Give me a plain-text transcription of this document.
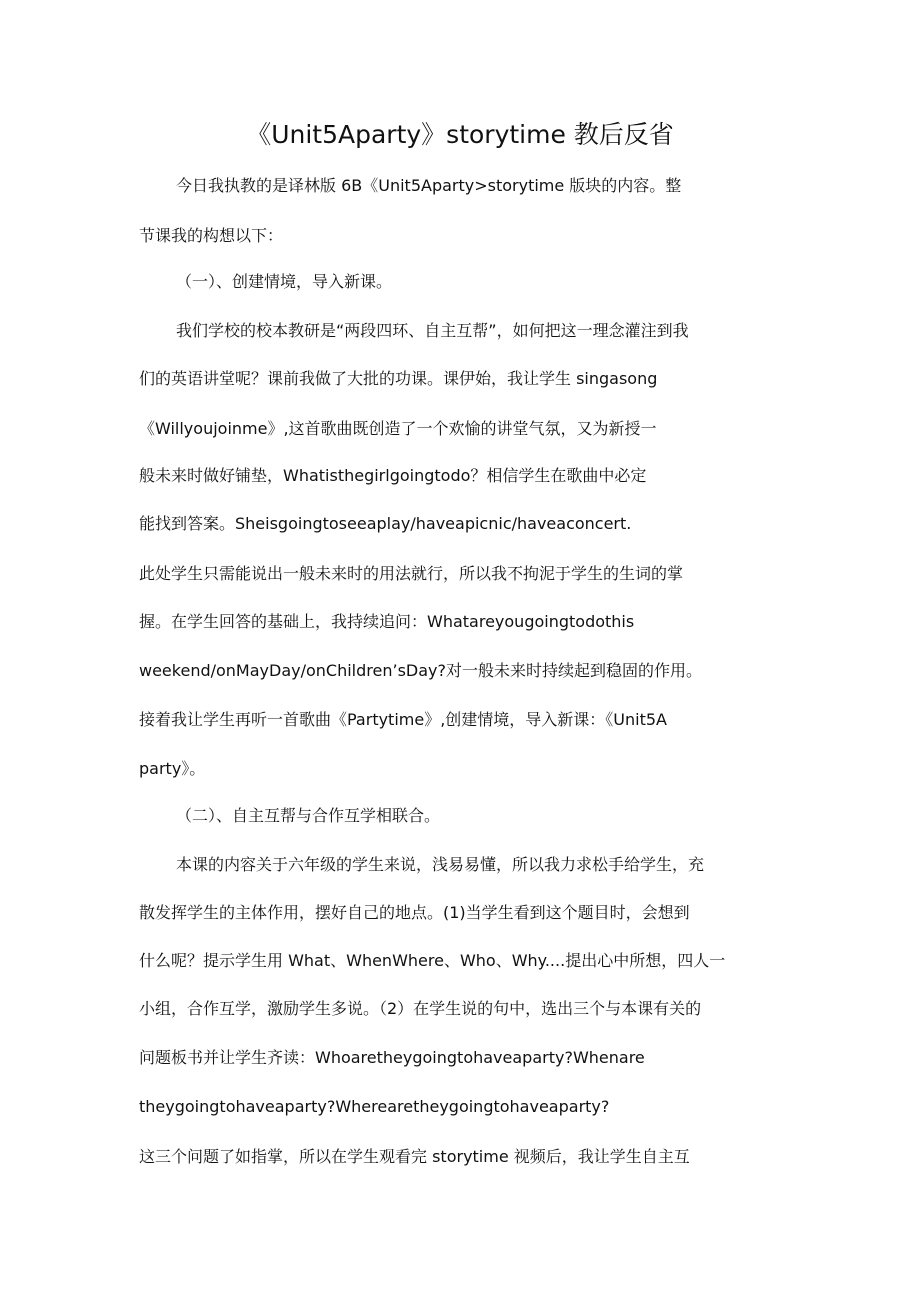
《Unit5Aparty》storytime 教后反省
今日我执教的是译林版 6B《Unit5Aparty>storytime 版块的内容。整
节课我的构想以下：
（一）、创建情境，导入新课。
我们学校的校本教研是“两段四环、自主互帮”，如何把这一理念灌注到我
们的英语讲堂呢？课前我做了大批的功课。课伊始，我让学生 singasong
《Willyoujoinme》,这首歌曲既创造了一个欢愉的讲堂气氛，又为新授一
般未来时做好铺垫，Whatisthegirlgoingtodo？相信学生在歌曲中必定
能找到答案。Sheisgoingtoseeaplay/haveapicnic/haveaconcert.
此处学生只需能说出一般未来时的用法就行，所以我不拘泥于学生的生词的掌
握。在学生回答的基础上，我持续追问：Whatareyougoingtodothis
weekend/onMayDay/onChildren’sDay?对一般未来时持续起到稳固的作用。
接着我让学生再听一首歌曲《Partytime》,创建情境，导入新课：《Unit5A
party》。
（二）、自主互帮与合作互学相联合。
本课的内容关于六年级的学生来说，浅易易懂，所以我力求松手给学生，充
散发挥学生的主体作用，摆好自己的地点。(1)当学生看到这个题目时，会想到
什么呢？提示学生用 What、WhenWhere、Who、Why....提出心中所想，四人一
小组，合作互学，激励学生多说。（2）在学生说的句中，选出三个与本课有关的
问题板书并让学生齐读：Whoaretheygoingtohaveaparty?Whenare
theygoingtohaveaparty?Wherearetheygoingtohaveaparty?
这三个问题了如指掌，所以在学生观看完 storytime 视频后，我让学生自主互
